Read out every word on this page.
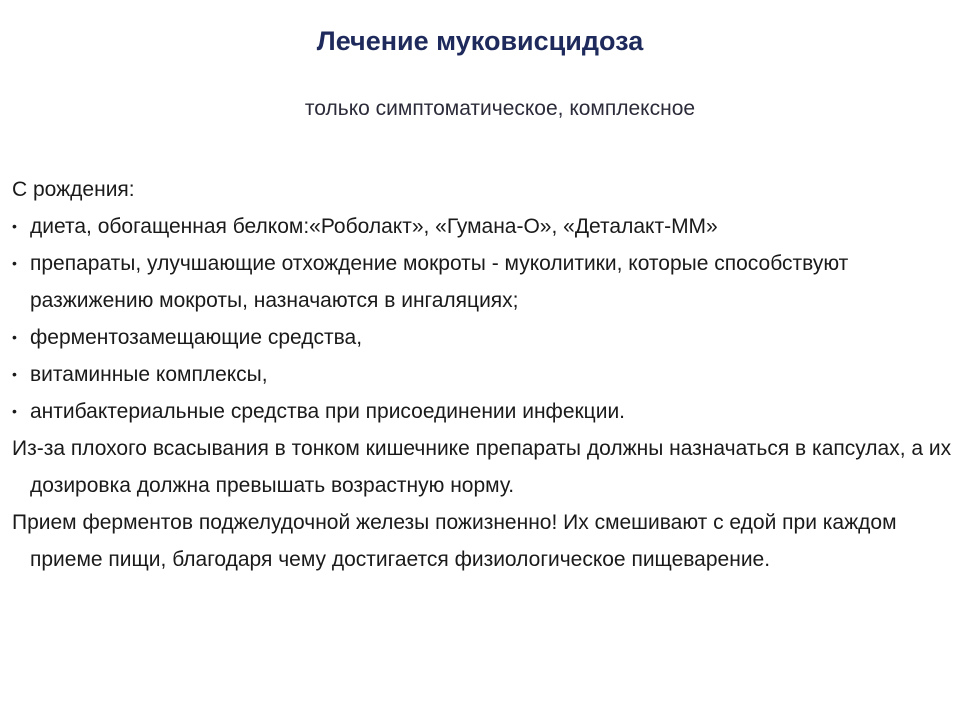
Лечение муковисцидоза
только симптоматическое, комплексное

С рождения:

• диета, обогащенная белком:«Роболакт», «Гумана-О», «Деталакт-ММ»
• препараты, улучшающие отхождение мокроты - муколитики, которые способствуют разжижению мокроты, назначаются в ингаляциях;
• ферментозамещающие средства,
• витаминные комплексы,
• антибактериальные средства при присоединении инфекции.

Из-за плохого всасывания в тонком кишечнике препараты должны назначаться в капсулах, а их дозировка должна превышать возрастную норму.

Прием ферментов поджелудочной железы пожизненно! Их смешивают с едой при каждом приеме пищи, благодаря чему достигается физиологическое пищеварение.
